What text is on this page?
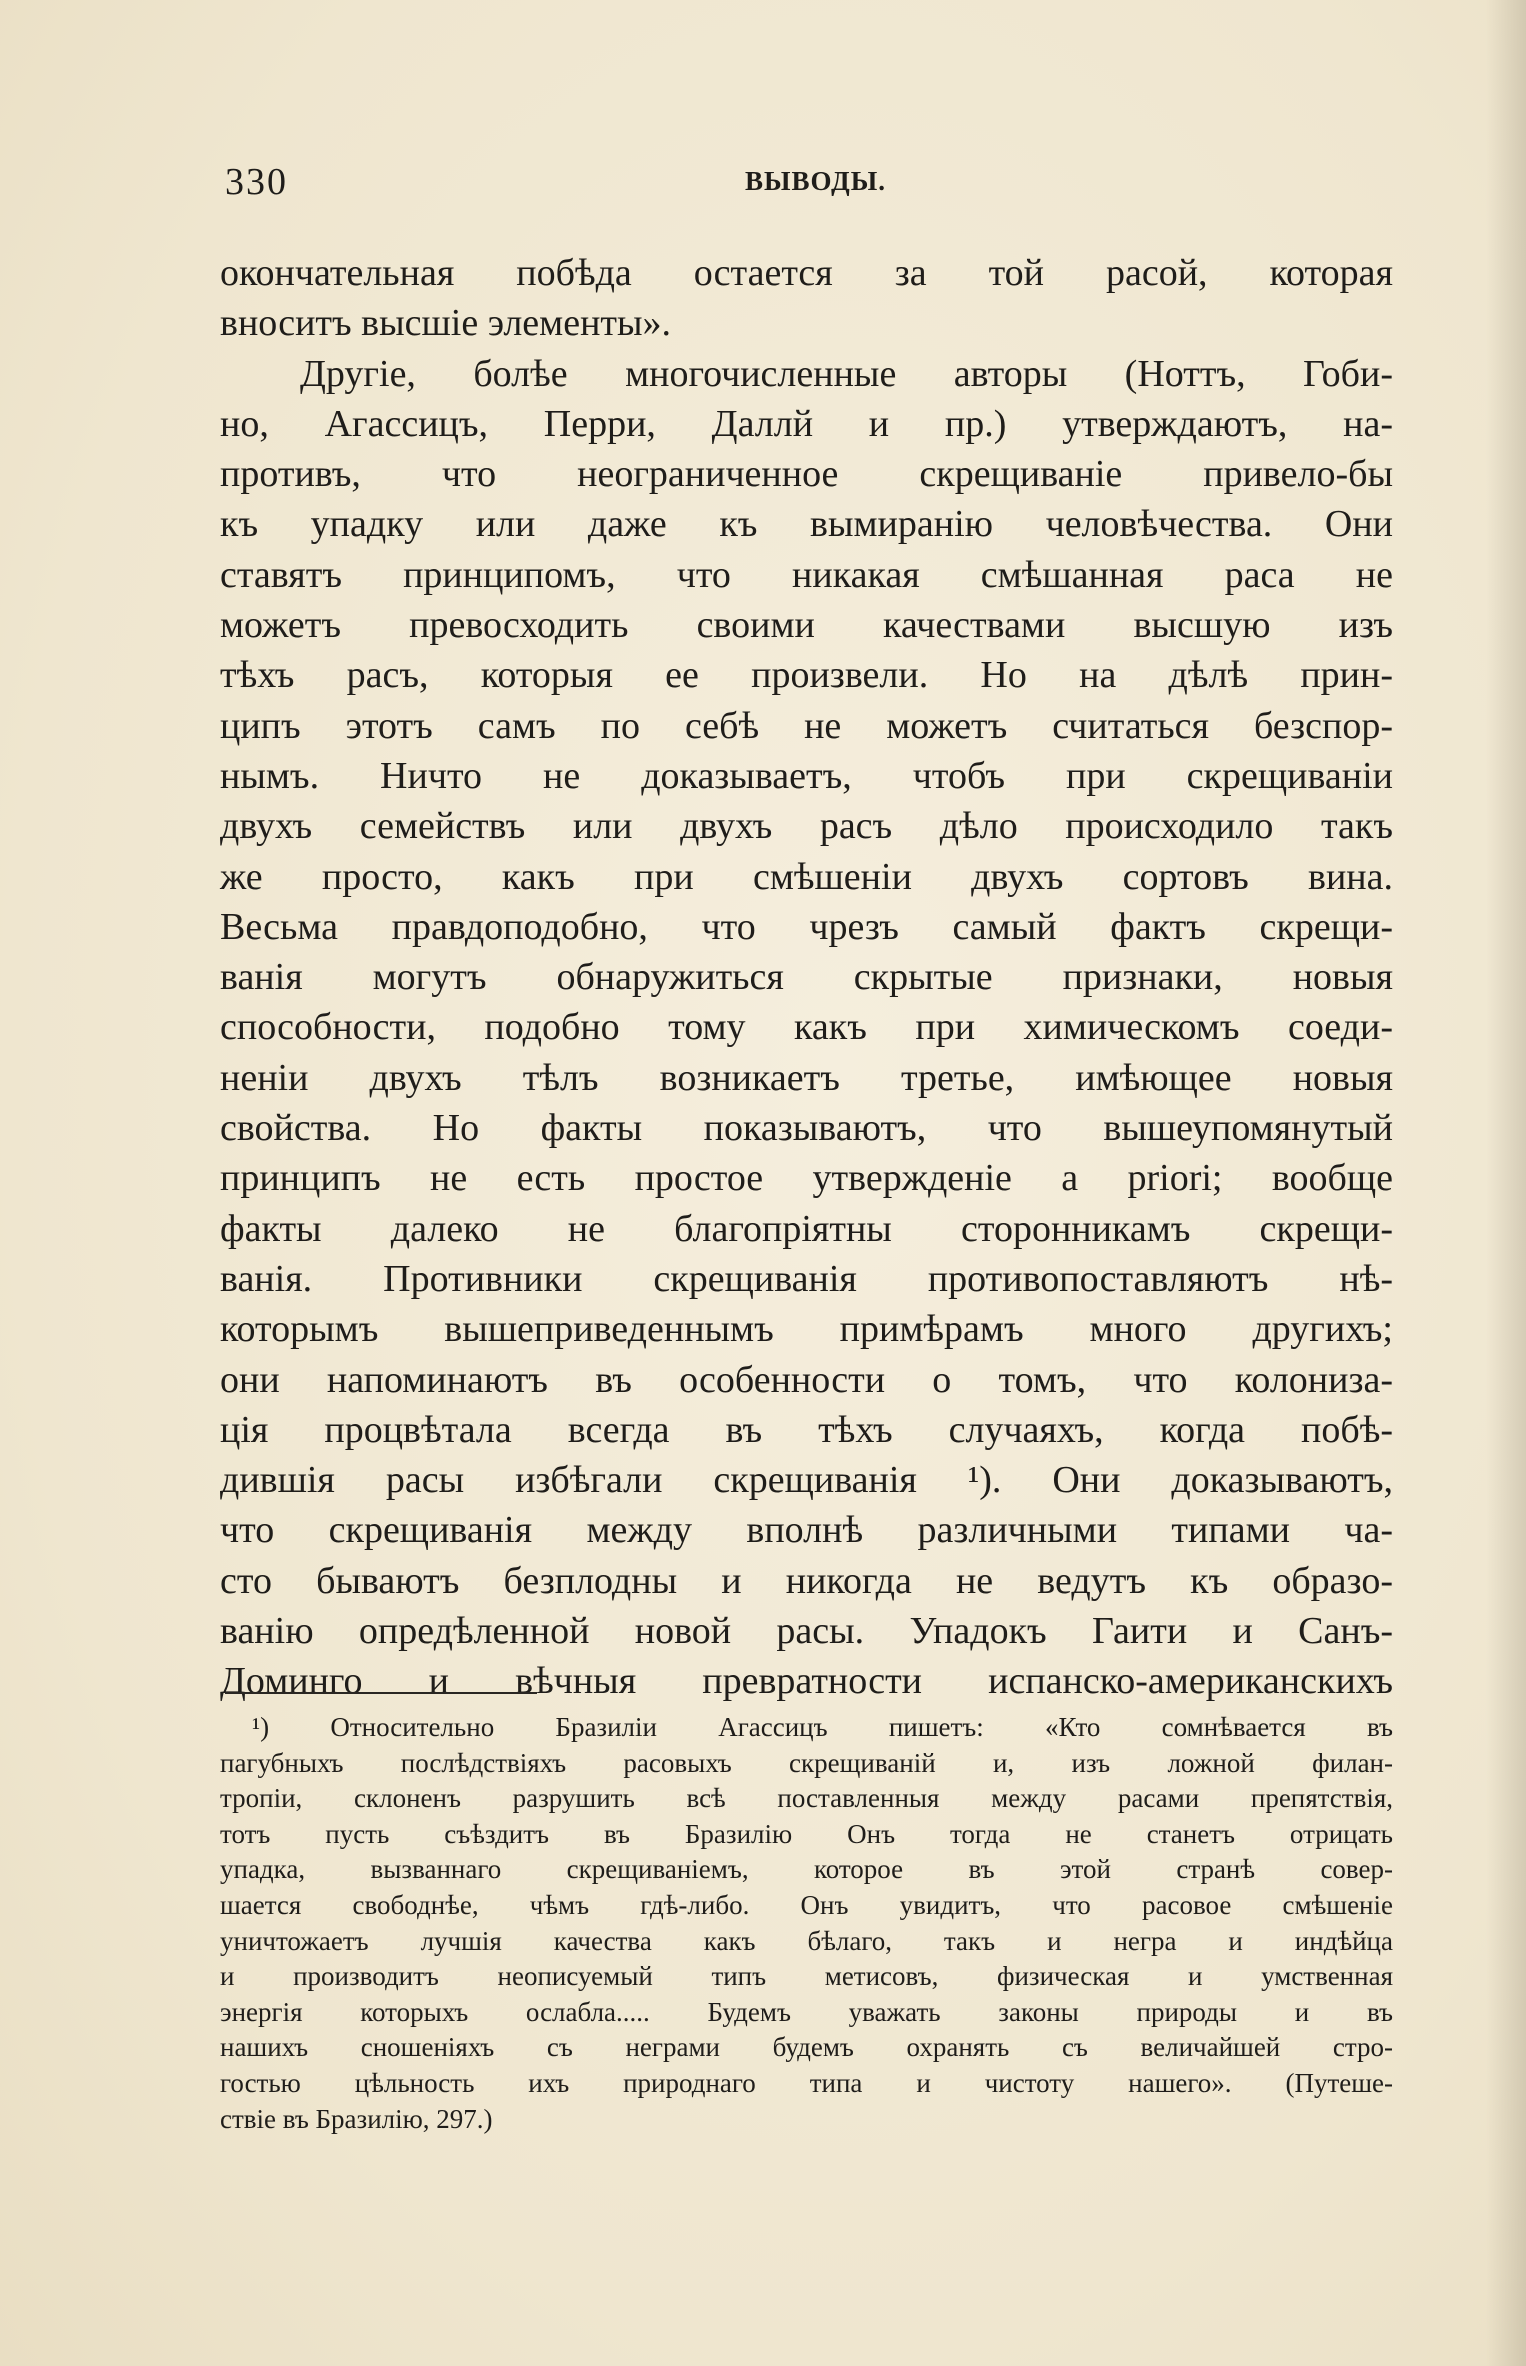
330	ВЫВОДЫ.
окончательная побѣда остается за той расой, которая
вноситъ высшіе элементы».
Другіе, болѣе многочисленные авторы (Ноттъ, Гоби-
но, Агассицъ, Перри, Даллй и пр.) утверждаютъ, на-
противъ, что неограниченное скрещиваніе привело-бы
къ упадку или даже къ вымиранію человѣчества. Они
ставятъ принципомъ, что никакая смѣшанная раса не
можетъ превосходить своими качествами высшую изъ
тѣхъ расъ, которыя ее произвели. Но на дѣлѣ прин-
ципъ этотъ самъ по себѣ не можетъ считаться безспор-
нымъ. Ничто не доказываетъ, чтобъ при скрещиваніи
двухъ семействъ или двухъ расъ дѣло происходило такъ
же просто, какъ при смѣшеніи двухъ сортовъ вина.
Весьма правдоподобно, что чрезъ самый фактъ скрещи-
ванія могутъ обнаружиться скрытые признаки, новыя
способности, подобно тому какъ при химическомъ соеди-
неніи двухъ тѣлъ возникаетъ третье, имѣющее новыя
свойства. Но факты показываютъ, что вышеупомянутый
принципъ не есть простое утвержденіе a priori; вообще
факты далеко не благопріятны сторонникамъ скрещи-
ванія. Противники скрещиванія противопоставляютъ нѣ-
которымъ вышеприведеннымъ примѣрамъ много другихъ;
они напоминаютъ въ особенности о томъ, что колониза-
ція процвѣтала всегда въ тѣхъ случаяхъ, когда побѣ-
дившія расы избѣгали скрещиванія ¹). Они доказываютъ,
что скрещиванія между вполнѣ различными типами ча-
сто бываютъ безплодны и никогда не ведутъ къ образо-
ванію опредѣленной новой расы. Упадокъ Гаити и Санъ-
Доминго и вѣчныя превратности испанско-американскихъ
¹) Относительно Бразиліи Агассицъ пишетъ: «Кто сомнѣвается въ
пагубныхъ послѣдствіяхъ расовыхъ скрещиваній и, изъ ложной филан-
тропіи, склоненъ разрушить всѣ поставленныя между расами препятствія,
тотъ пусть съѣздитъ въ Бразилію Онъ тогда не станетъ отрицать
упадка, вызваннаго скрещиваніемъ, которое въ этой странѣ совер-
шается свободнѣе, чѣмъ гдѣ-либо. Онъ увидитъ, что расовое смѣшеніе
уничтожаетъ лучшія качества какъ бѣлаго, такъ и негра и индѣйца
и производитъ неописуемый типъ метисовъ, физическая и умственная
энергія которыхъ ослабла..... Будемъ уважать законы природы и въ
нашихъ сношеніяхъ съ неграми будемъ охранять съ величайшей стро-
гостью цѣльность ихъ природнаго типа и чистоту нашего». (Путеше-
ствіе въ Бразилію, 297.)
